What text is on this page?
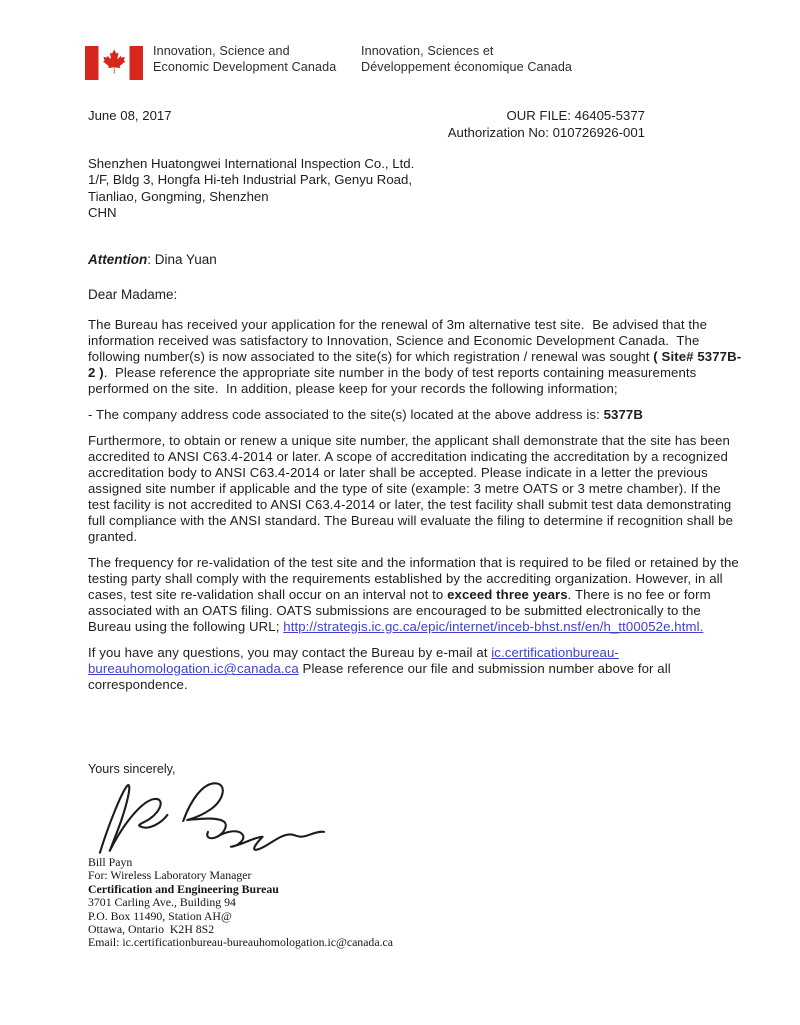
Innovation, Science and
Economic Development Canada
Innovation, Sciences et
Développement économique Canada
June 08, 2017	OUR FILE: 46405-5377
Authorization No: 010726926-001
Shenzhen Huatongwei International Inspection Co., Ltd.
1/F, Bldg 3, Hongfa Hi-teh Industrial Park, Genyu Road,
Tianliao, Gongming, Shenzhen
CHN
Attention: Dina Yuan
Dear Madame:

The Bureau has received your application for the renewal of 3m alternative test site.  Be advised that the information received was satisfactory to Innovation, Science and Economic Development Canada.  The following number(s) is now associated to the site(s) for which registration / renewal was sought ( Site# 5377B-2 ).  Please reference the appropriate site number in the body of test reports containing measurements performed on the site.  In addition, please keep for your records the following information;

- The company address code associated to the site(s) located at the above address is: 5377B

Furthermore, to obtain or renew a unique site number, the applicant shall demonstrate that the site has been accredited to ANSI C63.4-2014 or later. A scope of accreditation indicating the accreditation by a recognized accreditation body to ANSI C63.4-2014 or later shall be accepted. Please indicate in a letter the previous assigned site number if applicable and the type of site (example: 3 metre OATS or 3 metre chamber). If the test facility is not accredited to ANSI C63.4-2014 or later, the test facility shall submit test data demonstrating full compliance with the ANSI standard. The Bureau will evaluate the filing to determine if recognition shall be granted.

The frequency for re-validation of the test site and the information that is required to be filed or retained by the testing party shall comply with the requirements established by the accrediting organization. However, in all cases, test site re-validation shall occur on an interval not to exceed three years. There is no fee or form associated with an OATS filing. OATS submissions are encouraged to be submitted electronically to the Bureau using the following URL; http://strategis.ic.gc.ca/epic/internet/inceb-bhst.nsf/en/h_tt00052e.html.

If you have any questions, you may contact the Bureau by e-mail at ic.certificationbureau-bureauhomologation.ic@canada.ca Please reference our file and submission number above for all correspondence.

Yours sincerely,
Bill Payn
For: Wireless Laboratory Manager
Certification and Engineering Bureau
3701 Carling Ave., Building 94
P.O. Box 11490, Station AH@
Ottawa, Ontario  K2H 8S2
Email: ic.certificationbureau-bureauhomologation.ic@canada.ca
